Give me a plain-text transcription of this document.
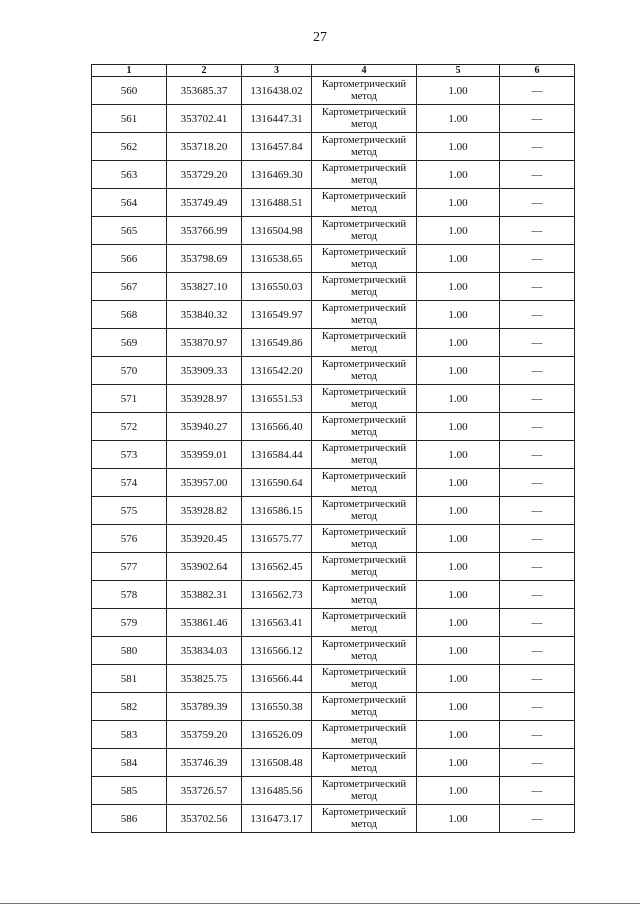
27
1	2	3	4	5	6
560	353685.37	1316438.02	Картометрический метод	1.00	—
561	353702.41	1316447.31	Картометрический метод	1.00	—
562	353718.20	1316457.84	Картометрический метод	1.00	—
563	353729.20	1316469.30	Картометрический метод	1.00	—
564	353749.49	1316488.51	Картометрический метод	1.00	—
565	353766.99	1316504.98	Картометрический метод	1.00	—
566	353798.69	1316538.65	Картометрический метод	1.00	—
567	353827.10	1316550.03	Картометрический метод	1.00	—
568	353840.32	1316549.97	Картометрический метод	1.00	—
569	353870.97	1316549.86	Картометрический метод	1.00	—
570	353909.33	1316542.20	Картометрический метод	1.00	—
571	353928.97	1316551.53	Картометрический метод	1.00	—
572	353940.27	1316566.40	Картометрический метод	1.00	—
573	353959.01	1316584.44	Картометрический метод	1.00	—
574	353957.00	1316590.64	Картометрический метод	1.00	—
575	353928.82	1316586.15	Картометрический метод	1.00	—
576	353920.45	1316575.77	Картометрический метод	1.00	—
577	353902.64	1316562.45	Картометрический метод	1.00	—
578	353882.31	1316562.73	Картометрический метод	1.00	—
579	353861.46	1316563.41	Картометрический метод	1.00	—
580	353834.03	1316566.12	Картометрический метод	1.00	—
581	353825.75	1316566.44	Картометрический метод	1.00	—
582	353789.39	1316550.38	Картометрический метод	1.00	—
583	353759.20	1316526.09	Картометрический метод	1.00	—
584	353746.39	1316508.48	Картометрический метод	1.00	—
585	353726.57	1316485.56	Картометрический метод	1.00	—
586	353702.56	1316473.17	Картометрический метод	1.00	—
